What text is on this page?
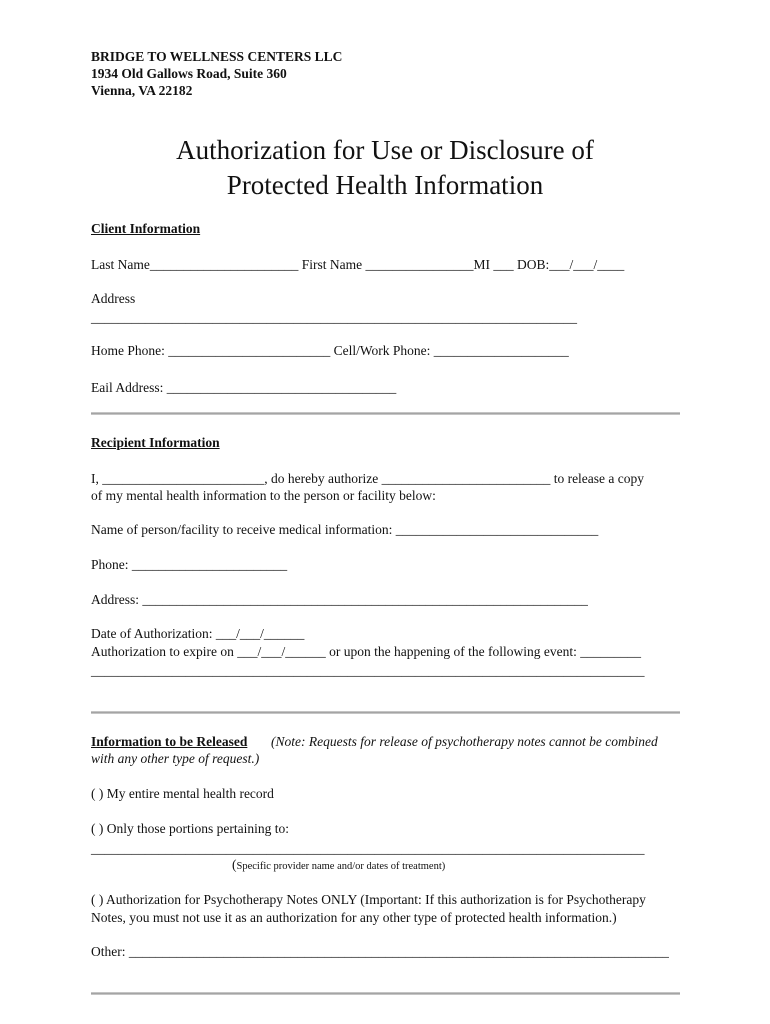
BRIDGE TO WELLNESS CENTERS LLC
1934 Old Gallows Road, Suite 360
Vienna, VA 22182
Authorization for Use or Disclosure of
Protected Health Information
Client Information
Last Name______________________ First Name ________________MI ___ DOB:___/___/____
Address
________________________________________________________________________
Home Phone: ________________________ Cell/Work Phone: ____________________
Eail Address: __________________________________
Recipient Information
I, ________________________, do hereby authorize _________________________ to release a copy
of my mental health information to the person or facility below:
Name of person/facility to receive medical information: ______________________________
Phone: _______________________
Address: __________________________________________________________________
Date of Authorization: ___/___/______
Authorization to expire on ___/___/______ or upon the happening of the following event: _________
__________________________________________________________________________________
Information to be Released (Note: Requests for release of psychotherapy notes cannot be combined
with any other type of request.)
( ) My entire mental health record
( ) Only those portions pertaining to:
__________________________________________________________________________________
(Specific provider name and/or dates of treatment)
( ) Authorization for Psychotherapy Notes ONLY (Important: If this authorization is for Psychotherapy
Notes, you must not use it as an authorization for any other type of protected health information.)
Other: ________________________________________________________________________________
